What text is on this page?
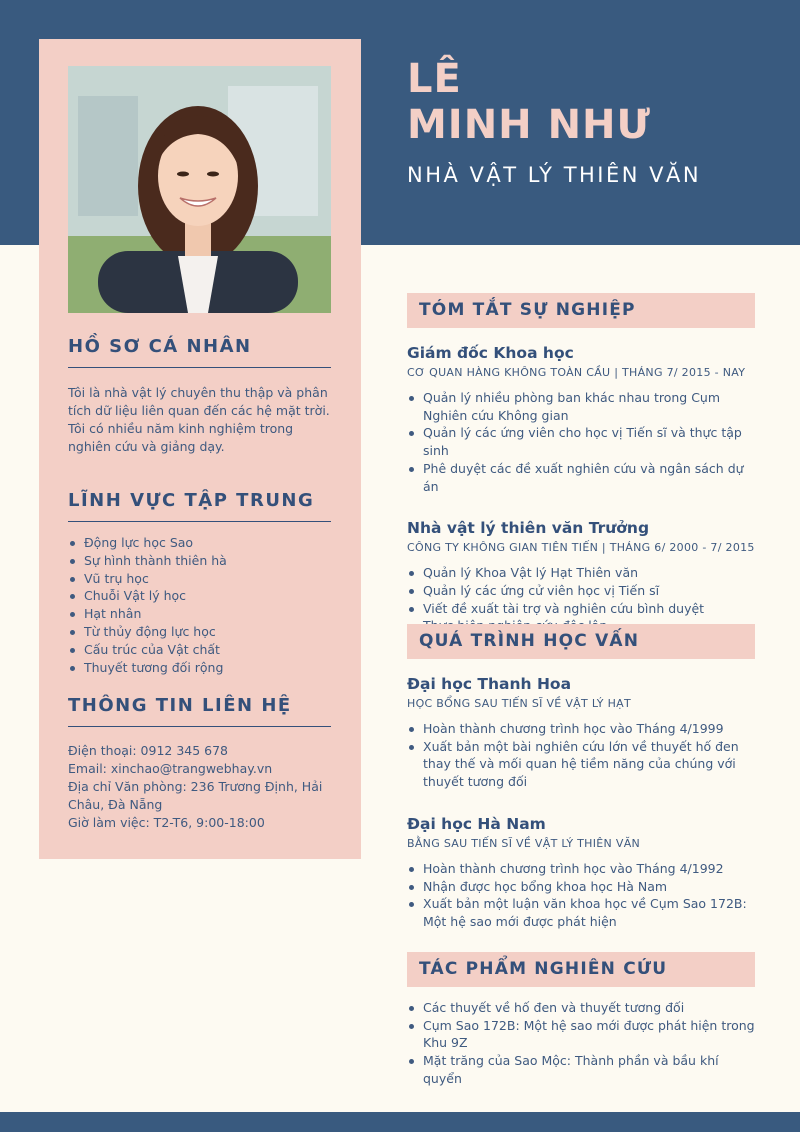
HỒ SƠ CÁ NHÂN

Tôi là nhà vật lý chuyên thu thập và phân tích dữ liệu liên quan đến các hệ mặt trời. Tôi có nhiều năm kinh nghiệm trong nghiên cứu và giảng dạy.

LĨNH VỰC TẬP TRUNG
Động lực học Sao
Sự hình thành thiên hà
Vũ trụ học
Chuỗi Vật lý học
Hạt nhân
Từ thủy động lực học
Cấu trúc của Vật chất
Thuyết tương đối rộng
THÔNG TIN LIÊN HỆ
Điện thoại: 0912 345 678
Email: xinchao@trangwebhay.vn
Địa chỉ Văn phòng: 236 Trương Định, Hải Châu, Đà Nẵng
Giờ làm việc: T2-T6, 9:00-18:00
LÊ
MINH NHƯ
NHÀ VẬT LÝ THIÊN VĂN
TÓM TẮT SỰ NGHIỆP
Giám đốc Khoa học
CƠ QUAN HÀNG KHÔNG TOÀN CẦU | THÁNG 7/ 2015 - NAY
Quản lý nhiều phòng ban khác nhau trong Cụm Nghiên cứu Không gian
Quản lý các ứng viên cho học vị Tiến sĩ và thực tập sinh
Phê duyệt các đề xuất nghiên cứu và ngân sách dự án
Nhà vật lý thiên văn Trưởng
CÔNG TY KHÔNG GIAN TIÊN TIẾN | THÁNG 6/ 2000 - 7/ 2015
Quản lý Khoa Vật lý Hạt Thiên văn
Quản lý các ứng cử viên học vị Tiến sĩ
Viết đề xuất tài trợ và nghiên cứu bình duyệt
QUÁ TRÌNH HỌC VẤN
Đại học Thanh Hoa
HỌC BỔNG SAU TIẾN SĨ VỀ VẬT LÝ HẠT
Hoàn thành chương trình học vào Tháng 4/1999
Xuất bản một bài nghiên cứu lớn về thuyết hố đen thay thế và mối quan hệ tiềm năng của chúng với thuyết tương đối
Đại học Hà Nam
BẰNG SAU TIẾN SĨ VỀ VẬT LÝ THIÊN VĂN
Hoàn thành chương trình học vào Tháng 4/1992
Nhận được học bổng khoa học Hà Nam
Xuất bản một luận văn khoa học về Cụm Sao 172B: Một hệ sao mới được phát hiện
TÁC PHẨM NGHIÊN CỨU
Các thuyết về hố đen và thuyết tương đối
Cụm Sao 172B: Một hệ sao mới được phát hiện trong Khu 9Z
Mặt trăng của Sao Mộc: Thành phần và bầu khí quyển
